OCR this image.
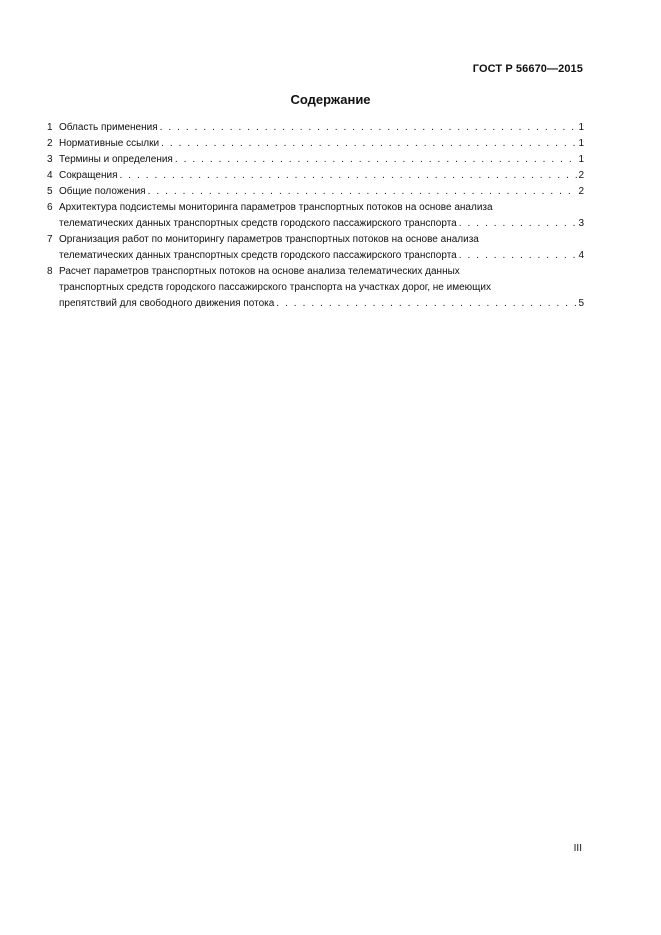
ГОСТ Р 56670—2015
Содержание
1 Область применения . . .	1
2 Нормативные ссылки . . .	1
3 Термины и определения . . .	1
4 Сокращения . . .	2
5 Общие положения . . .	2
6 Архитектура подсистемы мониторинга параметров транспортных потоков на основе анализа
телематических данных транспортных средств городского пассажирского транспорта . . .	3
7 Организация работ по мониторингу параметров транспортных потоков на основе анализа
телематических данных транспортных средств городского пассажирского транспорта . . .	4
8 Расчет параметров транспортных потоков на основе анализа телематических данных
транспортных средств городского пассажирского транспорта на участках дорог, не имеющих
препятствий для свободного движения потока . . .	5
III
